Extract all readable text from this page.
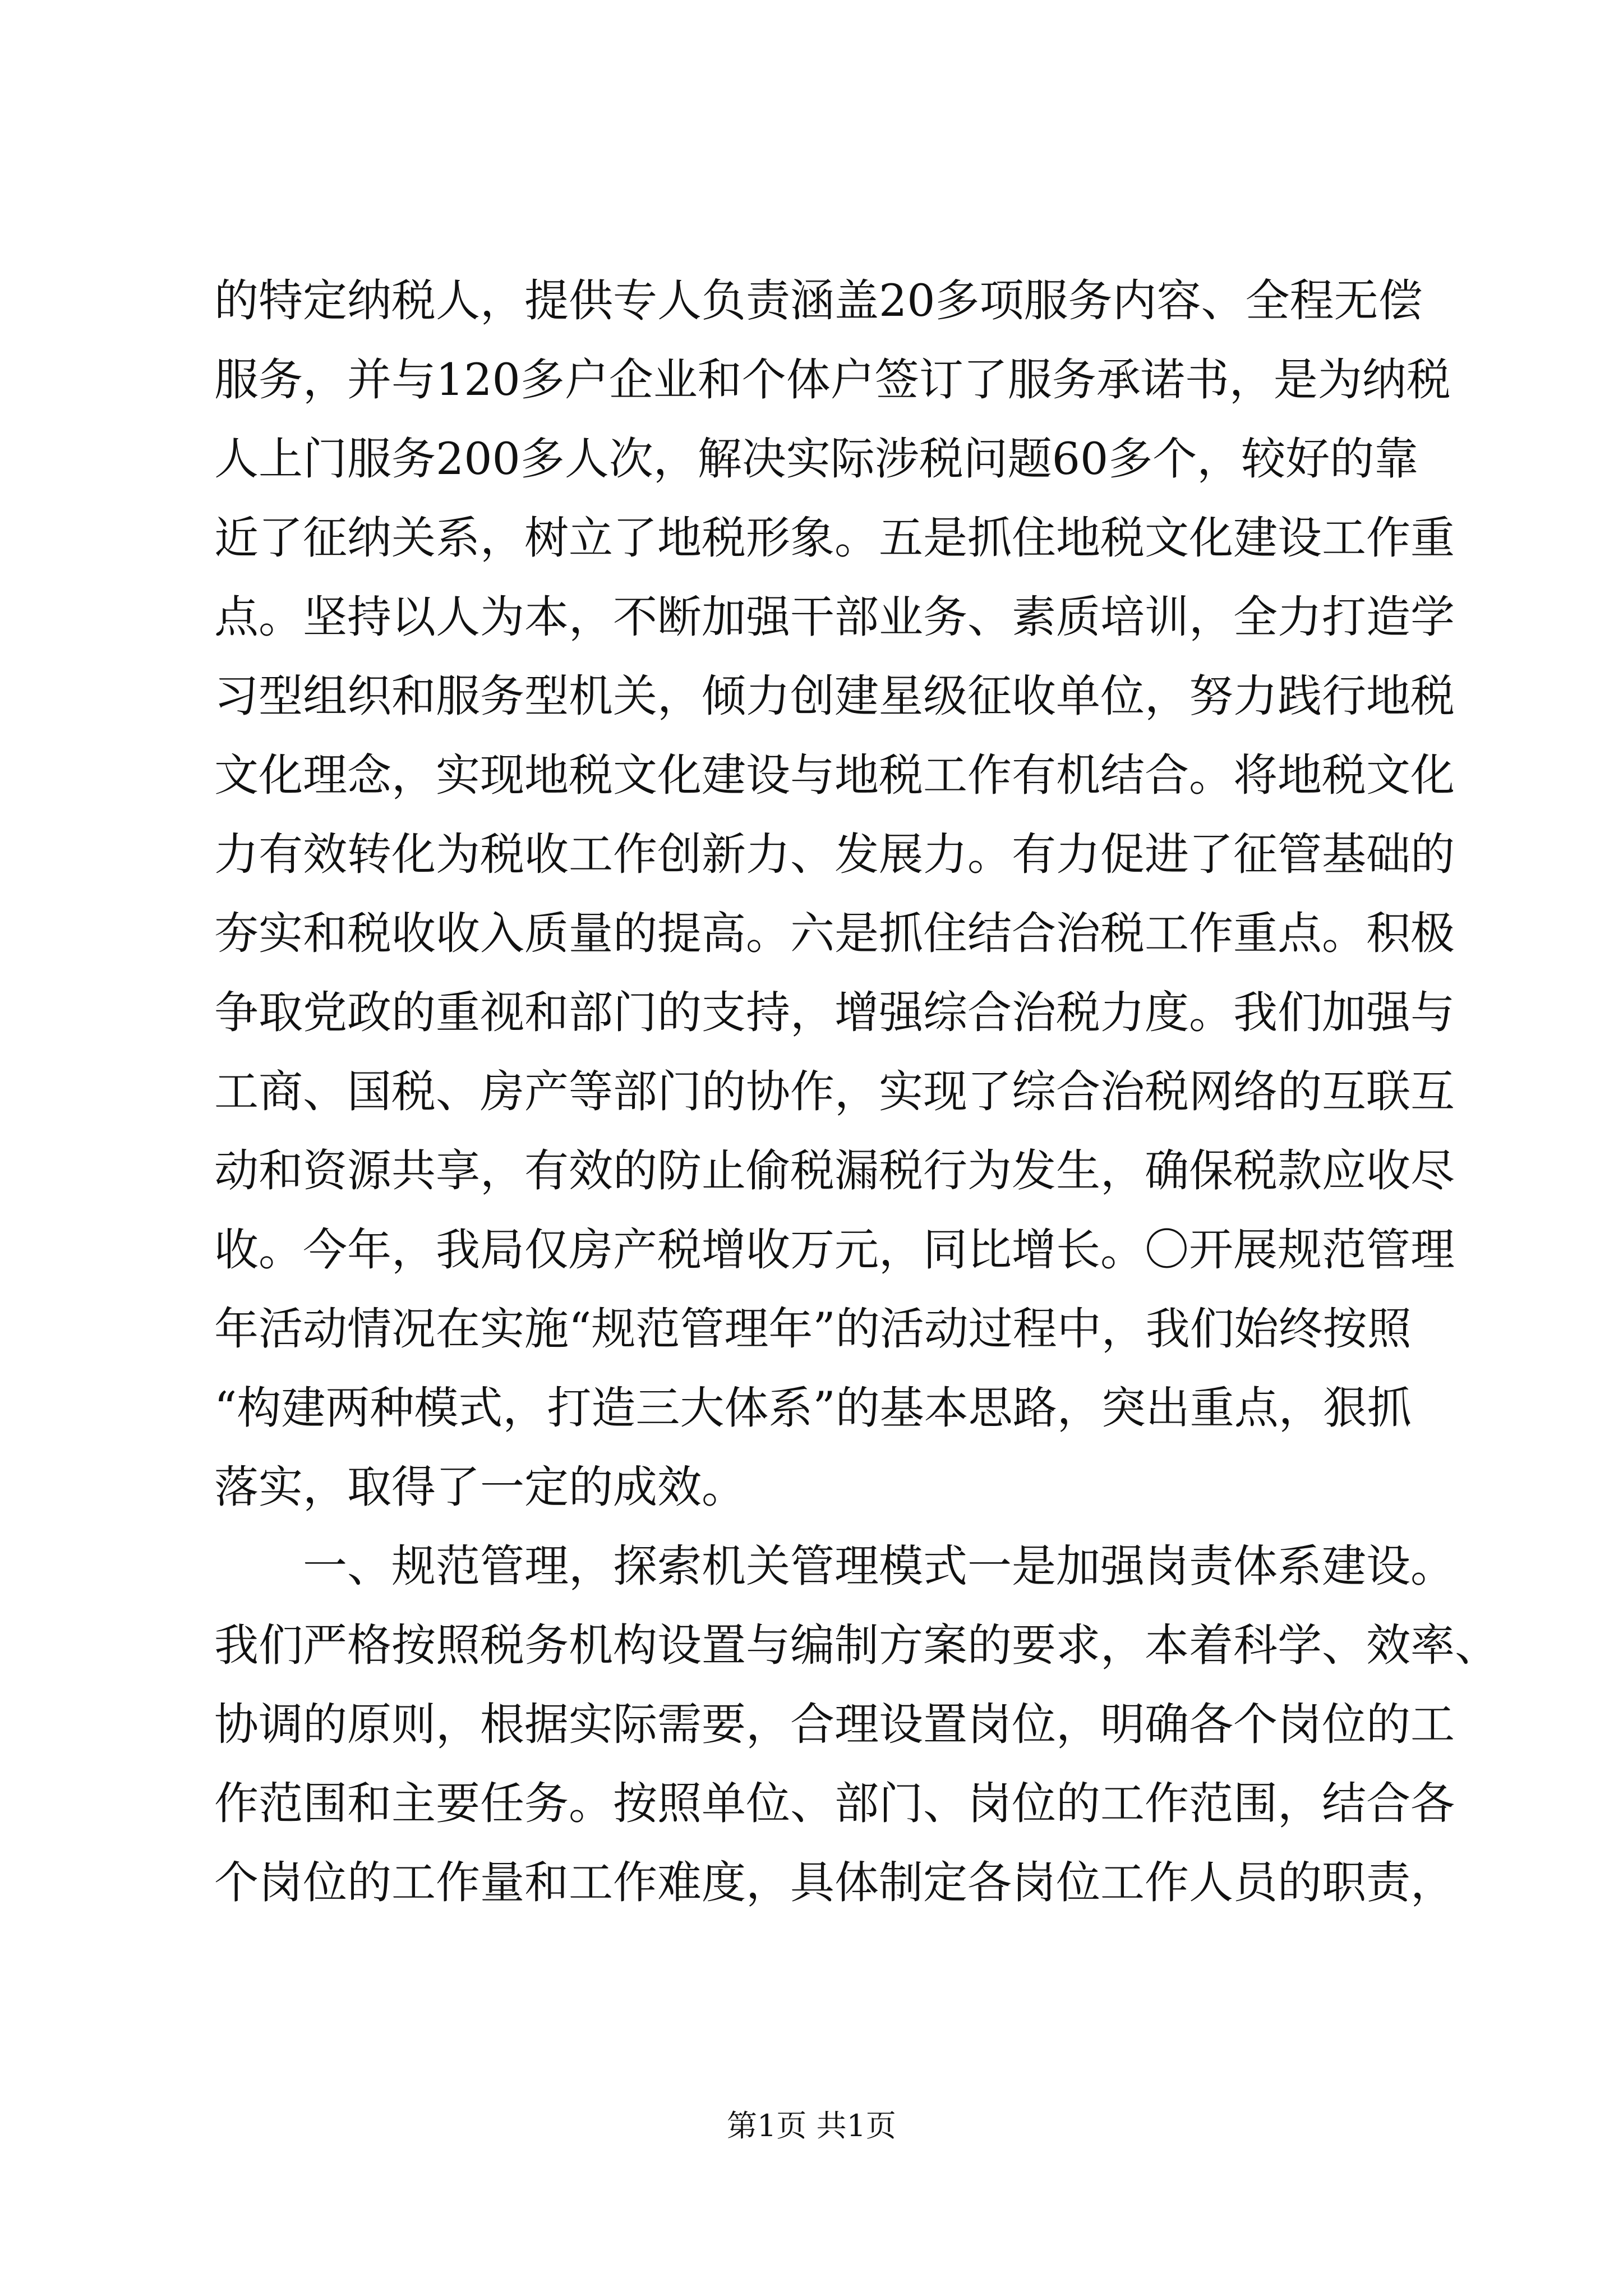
的特定纳税人，提供专人负责涵盖20多项服务内容、全程无偿
服务，并与120多户企业和个体户签订了服务承诺书，是为纳税
人上门服务200多人次，解决实际涉税问题60多个，较好的靠
近了征纳关系，树立了地税形象。五是抓住地税文化建设工作重
点。坚持以人为本，不断加强干部业务、素质培训，全力打造学
习型组织和服务型机关，倾力创建星级征收单位，努力践行地税
文化理念，实现地税文化建设与地税工作有机结合。将地税文化
力有效转化为税收工作创新力、发展力。有力促进了征管基础的
夯实和税收收入质量的提高。六是抓住结合治税工作重点。积极
争取党政的重视和部门的支持，增强综合治税力度。我们加强与
工商、国税、房产等部门的协作，实现了综合治税网络的互联互
动和资源共享，有效的防止偷税漏税行为发生，确保税款应收尽
收。今年，我局仅房产税增收万元，同比增长。〇开展规范管理
年活动情况在实施“规范管理年”的活动过程中，我们始终按照
“构建两种模式，打造三大体系”的基本思路，突出重点，狠抓
落实，取得了一定的成效。
一、规范管理，探索机关管理模式一是加强岗责体系建设。
我们严格按照税务机构设置与编制方案的要求，本着科学、效率、
协调的原则，根据实际需要，合理设置岗位，明确各个岗位的工
作范围和主要任务。按照单位、部门、岗位的工作范围，结合各
个岗位的工作量和工作难度，具体制定各岗位工作人员的职责，
第1页 共1页
